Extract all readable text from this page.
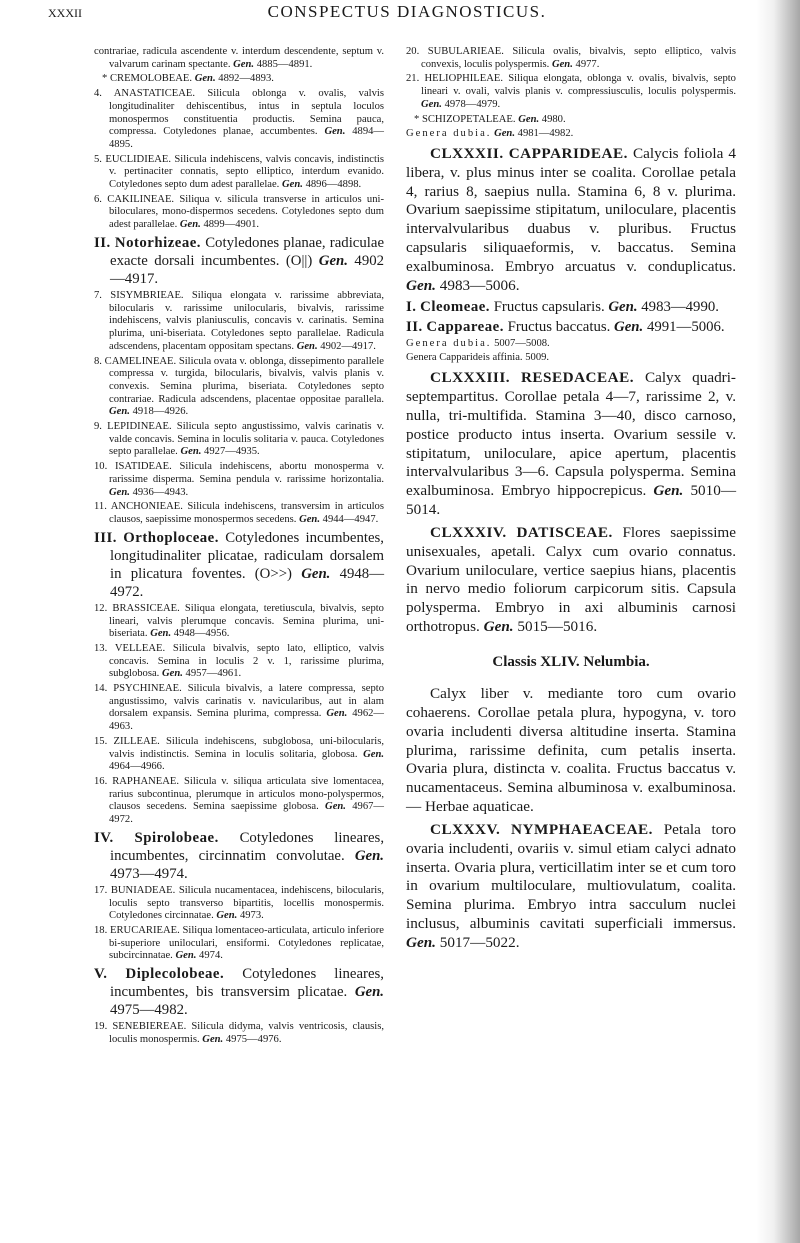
XXXII	CONSPECTUS DIAGNOSTICUS.
contrariae, radicula ascendente v. interdum descendente, septum v. valvarum carinam spectante. Gen. 4885—4891.
* CREMOLOBEAE. Gen. 4892—4893.
4. ANASTATICEAE. Silicula oblonga v. ovalis, valvis longitudinaliter dehiscentibus, intus in septula loculos monospermos constituentia productis. Semina pauca, compressa. Cotyledones planae, accumbentes. Gen. 4894—4895.
5. EUCLIDIEAE. Silicula indehiscens, valvis concavis, indistinctis v. pertinaciter connatis, septo elliptico, interdum evanido. Cotyledones septo dum adest parallelae. Gen. 4896—4898.
6. CAKILINEAE. Siliqua v. silicula transverse in articulos uni-biloculares, mono-dispermos secedens. Cotyledones septo dum adest parallelae. Gen. 4899—4901.
II. Notorhizeae. Cotyledones planae, radiculae exacte dorsali incumbentes. (O||) Gen. 4902—4917.
7. SISYMBRIEAE. Siliqua elongata v. rarissime abbreviata, bilocularis v. rarissime unilocularis, bivalvis, rarissime indehiscens, valvis planiusculis, concavis v. carinatis. Semina plurima, uni-biseriata. Cotyledones septo parallelae. Radicula adscendens, placentam oppositam spectans. Gen. 4902—4917.
8. CAMELINEAE. Silicula ovata v. oblonga, dissepimento parallele compressa v. turgida, bilocularis, bivalvis, valvis planis v. convexis. Semina plurima, biseriata. Cotyledones septo contrariae. Radicula adscendens, placentae oppositae parallela. Gen. 4918—4926.
9. LEPIDINEAE. Silicula septo angustissimo, valvis carinatis v. valde concavis. Semina in loculis solitaria v. pauca. Cotyledones septo parallelae. Gen. 4927—4935.
10. ISATIDEAE. Silicula indehiscens, abortu monosperma v. rarissime disperma. Semina pendula v. rarissime horizontalia. Gen. 4936—4943.
11. ANCHONIEAE. Silicula indehiscens, transversim in articulos clausos, saepissime monospermos secedens. Gen. 4944—4947.
III. Orthoploceae. Cotyledones incumbentes, longitudinaliter plicatae, radiculam dorsalem in plicatura foventes. (O>>) Gen. 4948—4972.
12. BRASSICEAE. Siliqua elongata, teretiuscula, bivalvis, septo lineari, valvis plerumque concavis. Semina plurima, uni-biseriata. Gen. 4948—4956.
13. VELLEAE. Silicula bivalvis, septo lato, elliptico, valvis concavis. Semina in loculis 2 v. 1, rarissime plurima, subglobosa. Gen. 4957—4961.
14. PSYCHINEAE. Silicula bivalvis, a latere compressa, septo angustissimo, valvis carinatis v. navicularibus, aut in alam dorsalem expansis. Semina plurima, compressa. Gen. 4962—4963.
15. ZILLEAE. Silicula indehiscens, subglobosa, uni-bilocularis, valvis indistinctis. Semina in loculis solitaria, globosa. Gen. 4964—4966.
16. RAPHANEAE. Silicula v. siliqua articulata sive lomentacea, rarius subcontinua, plerumque in articulos mono-polyspermos, clausos secedens. Semina saepissime globosa. Gen. 4967—4972.
IV. Spirolobeae. Cotyledones lineares, incumbentes, circinnatim convolutae. Gen. 4973—4974.
17. BUNIADEAE. Silicula nucamentacea, indehiscens, bilocularis, loculis septo transverso bipartitis, locellis monospermis. Cotyledones circinnatae. Gen. 4973.
18. ERUCARIEAE. Siliqua lomentaceo-articulata, articulo inferiore bi-superiore uniloculari, ensiformi. Cotyledones replicatae, subcircinnatae. Gen. 4974.
V. Diplecolobeae. Cotyledones lineares, incumbentes, bis transversim plicatae. Gen. 4975—4982.
19. SENEBIEREAE. Silicula didyma, valvis ventricosis, clausis, loculis monospermis. Gen. 4975—4976.
20. SUBULARIEAE. Silicula ovalis, bivalvis, septo elliptico, valvis convexis, loculis polyspermis. Gen. 4977.
21. HELIOPHILEAE. Siliqua elongata, oblonga v. ovalis, bivalvis, septo lineari v. ovali, valvis planis v. compressiusculis, loculis polyspermis. Gen. 4978—4979.
* SCHIZOPETALEAE. Gen. 4980.
Genera dubia. Gen. 4981—4982.
CLXXXII. CAPPARIDEAE. Calycis foliola 4 libera, v. plus minus inter se coalita. Corollae petala 4, rarius 8, saepius nulla. Stamina 6, 8 v. plurima. Ovarium saepissime stipitatum, uniloculare, placentis intervalvularibus duabus v. pluribus. Fructus capsularis siliquaeformis, v. baccatus. Semina exalbuminosa. Embryo arcuatus v. conduplicatus. Gen. 4983—5006.
I. Cleomeae. Fructus capsularis. Gen. 4983—4990.
II. Cappareae. Fructus baccatus. Gen. 4991—5006.
Genera dubia. 5007—5008.
Genera Capparideis affinia. 5009.
CLXXXIII. RESEDACEAE. Calyx quadri-septempartitus. Corollae petala 4—7, rarissime 2, v. nulla, tri-multifida. Stamina 3—40, disco carnoso, postice producto intus inserta. Ovarium sessile v. stipitatum, uniloculare, apice apertum, placentis intervalvularibus 3—6. Capsula polysperma. Semina exalbuminosa. Embryo hippocrepicus. Gen. 5010—5014.
CLXXXIV. DATISCEAE. Flores saepissime unisexuales, apetali. Calyx cum ovario connatus. Ovarium uniloculare, vertice saepius hians, placentis in nervo medio foliorum carpicorum sitis. Capsula polysperma. Embryo in axi albuminis carnosi orthotropus. Gen. 5015—5016.
Classis XLIV. Nelumbia.
Calyx liber v. mediante toro cum ovario cohaerens. Corollae petala plura, hypogyna, v. toro ovaria includenti diversa altitudine inserta. Stamina plurima, rarissime definita, cum petalis inserta. Ovaria plura, distincta v. coalita. Fructus baccatus v. nucamentaceus. Semina albuminosa v. exalbuminosa. — Herbae aquaticae.
CLXXXV. NYMPHAEACEAE. Petala toro ovaria includenti, ovariis v. simul etiam calyci adnato inserta. Ovaria plura, verticillatim inter se et cum toro in ovarium multiloculare, multiovulatum, coalita. Semina plurima. Embryo intra sacculum nuclei inclusus, albuminis cavitati superficiali immersus. Gen. 5017—5022.
